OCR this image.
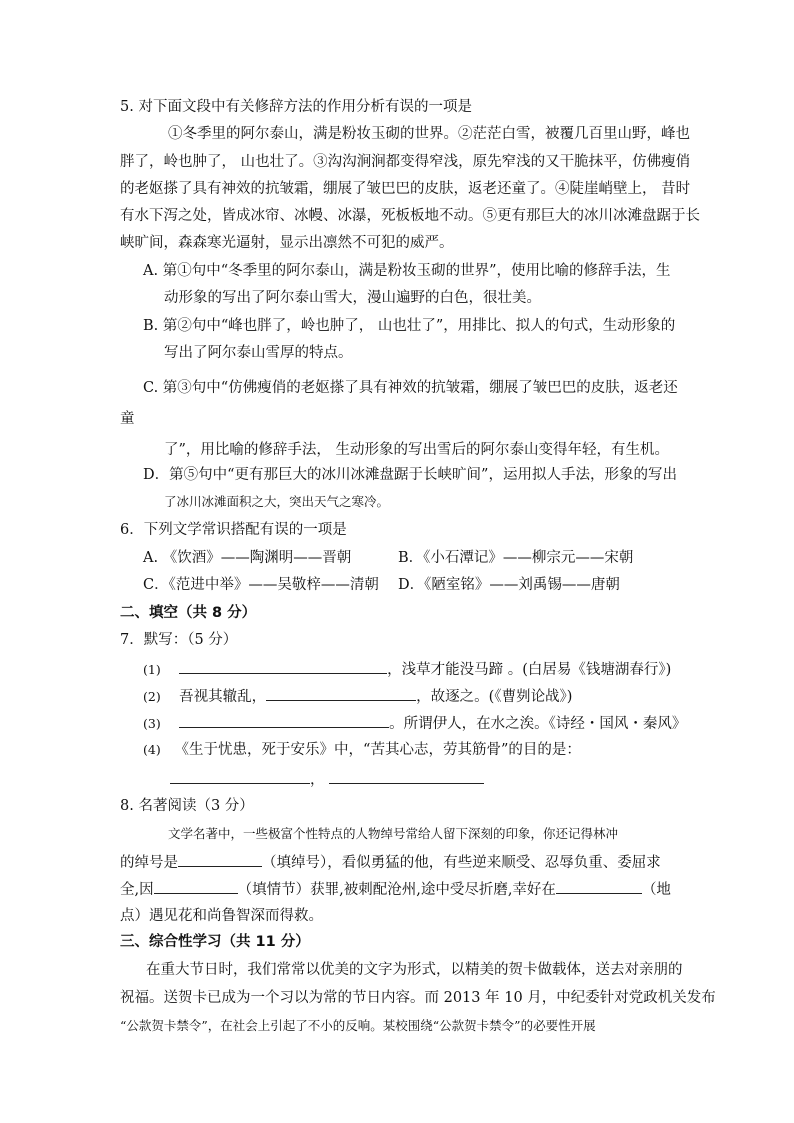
5. 对下面文段中有关修辞方法的作用分析有误的一项是
①冬季里的阿尔泰山，满是粉妆玉砌的世界。②茫茫白雪，被覆几百里山野，峰也
胖了，岭也肿了， 山也壮了。③沟沟涧涧都变得窄浅，原先窄浅的又干脆抹平，仿佛瘦俏
的老妪搽了具有神效的抗皱霜，绷展了皱巴巴的皮肤，返老还童了。④陡崖峭壁上， 昔时
有水下泻之处，皆成冰帘、冰幔、冰瀑，死板板地不动。⑤更有那巨大的冰川冰滩盘踞于长
峡旷间，森森寒光逼射，显示出凛然不可犯的威严。
A. 第①句中“冬季里的阿尔泰山，满是粉妆玉砌的世界”，使用比喻的修辞手法，生
动形象的写出了阿尔泰山雪大，漫山遍野的白色，很壮美。
B. 第②句中“峰也胖了，岭也肿了， 山也壮了”，用排比、拟人的句式，生动形象的
写出了阿尔泰山雪厚的特点。
C. 第③句中“仿佛瘦俏的老妪搽了具有神效的抗皱霜，绷展了皱巴巴的皮肤，返老还
童
了”，用比喻的修辞手法， 生动形象的写出雪后的阿尔泰山变得年轻，有生机。
D．第⑤句中“更有那巨大的冰川冰滩盘踞于长峡旷间”，运用拟人手法，形象的写出
了冰川冰滩面积之大，突出天气之寒冷。
6．下列文学常识搭配有误的一项是
A. 《饮酒》——陶渊明——晋朝	B．《小石潭记》——柳宗元——宋朝
C．《范进中举》——吴敬梓——清朝 D．《陋室铭》——刘禹锡——唐朝
二、填空（共 8 分）
7．默写：（5 分）
(1)	，浅草才能没马蹄 。(白居易《钱塘湖春行》)
(2) 吾视其辙乱，	，故逐之。(《曹刿论战》)
(3)	。所谓伊人，在水之涘。《诗经・国风・秦风》
(4) 《生于忧患，死于安乐》中，“苦其心志，劳其筋骨”的目的是：
，
8. 名著阅读（3 分）
文学名著中，一些极富个性特点的人物绰号常给人留下深刻的印象，你还记得林冲
的绰号是	（填绰号），看似勇猛的他，有些逆来顺受、忍辱负重、委屈求
全,因	（填情节）获罪,被刺配沧州,途中受尽折磨,幸好在	（地
点）遇见花和尚鲁智深而得救。
三、综合性学习（共 11 分）
在重大节日时，我们常常以优美的文字为形式，以精美的贺卡做载体，送去对亲朋的
祝福。送贺卡已成为一个习以为常的节日内容。而 2013 年 10 月，中纪委针对党政机关发布
“公款贺卡禁令”，在社会上引起了不小的反响。某校围绕“公款贺卡禁令”的必要性开展
